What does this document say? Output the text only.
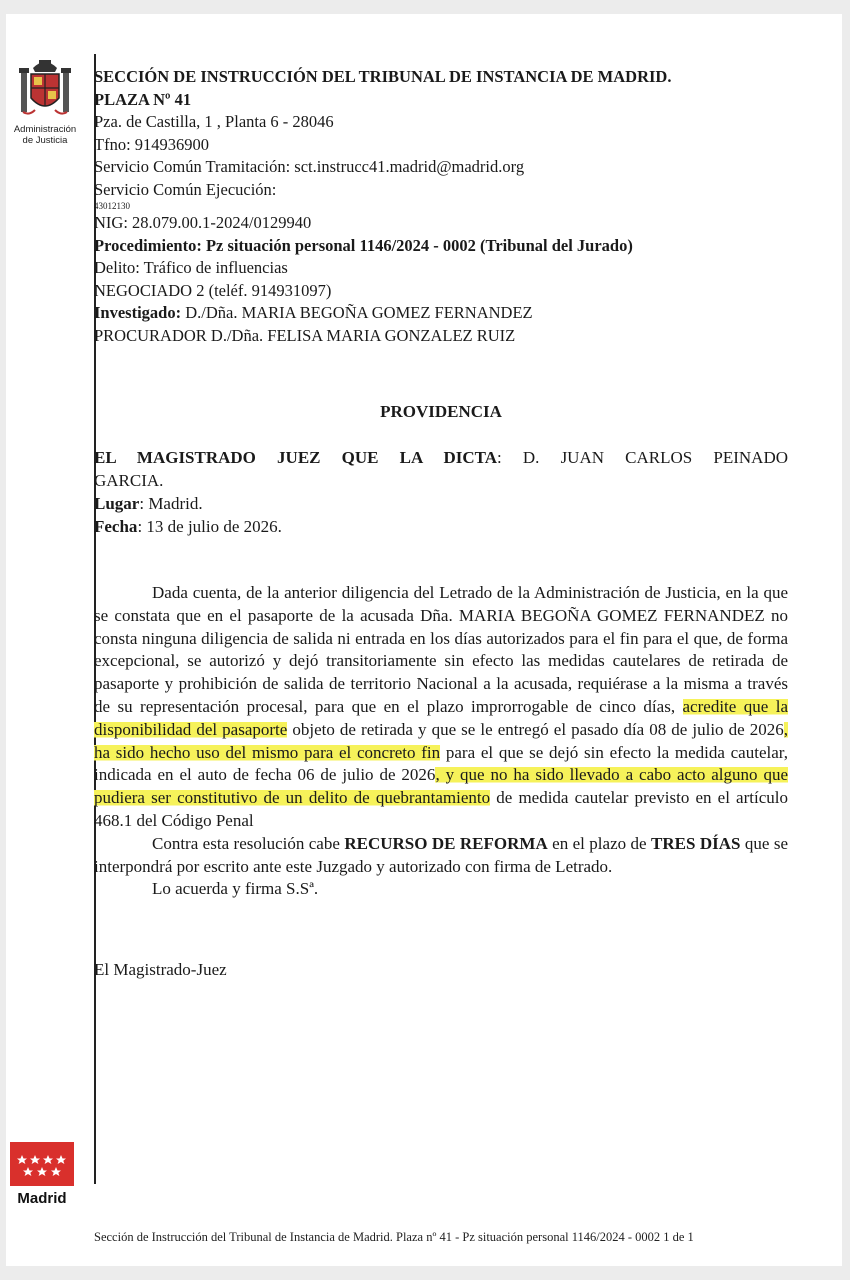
Administración
de Justicia
SECCIÓN DE INSTRUCCIÓN DEL TRIBUNAL DE INSTANCIA DE MADRID.
PLAZA Nº 41
Pza. de Castilla, 1 , Planta 6 - 28046
Tfno: 914936900
Servicio Común Tramitación: sct.instrucc41.madrid@madrid.org
Servicio Común Ejecución:
43012130
NIG: 28.079.00.1-2024/0129940
Procedimiento: Pz situación personal 1146/2024 - 0002 (Tribunal del Jurado)
Delito: Tráfico de influencias
NEGOCIADO 2 (teléf. 914931097)
Investigado: D./Dña. MARIA BEGOÑA GOMEZ FERNANDEZ
PROCURADOR D./Dña. FELISA MARIA GONZALEZ RUIZ
PROVIDENCIA
EL MAGISTRADO JUEZ QUE LA DICTA: D. JUAN CARLOS PEINADO
GARCIA.
Lugar: Madrid.
Fecha: 13 de julio de 2026.
Dada cuenta, de la anterior diligencia del Letrado de la Administración de Justicia, en la que se constata que en el pasaporte de la acusada Dña. MARIA BEGOÑA GOMEZ FERNANDEZ no consta ninguna diligencia de salida ni entrada en los días autorizados para el fin para el que, de forma excepcional, se autorizó y dejó transitoriamente sin efecto las medidas cautelares de retirada de pasaporte y prohibición de salida de territorio Nacional a la acusada, requiérase a la misma a través de su representación procesal, para que en el plazo improrrogable de cinco días, acredite que la disponibilidad del pasaporte objeto de retirada y que se le entregó el pasado día 08 de julio de 2026, ha sido hecho uso del mismo para el concreto fin para el que se dejó sin efecto la medida cautelar, indicada en el auto de fecha 06 de julio de 2026, y que no ha sido llevado a cabo acto alguno que pudiera ser constitutivo de un delito de quebrantamiento de medida cautelar previsto en el artículo 468.1 del Código Penal
Contra esta resolución cabe RECURSO DE REFORMA en el plazo de TRES DÍAS que se interpondrá por escrito ante este Juzgado y autorizado con firma de Letrado.
Lo acuerda y firma S.Sª.
El Magistrado-Juez
Madrid
Sección de Instrucción del Tribunal de Instancia de Madrid. Plaza nº 41 - Pz situación personal 1146/2024 - 0002 1 de 1
